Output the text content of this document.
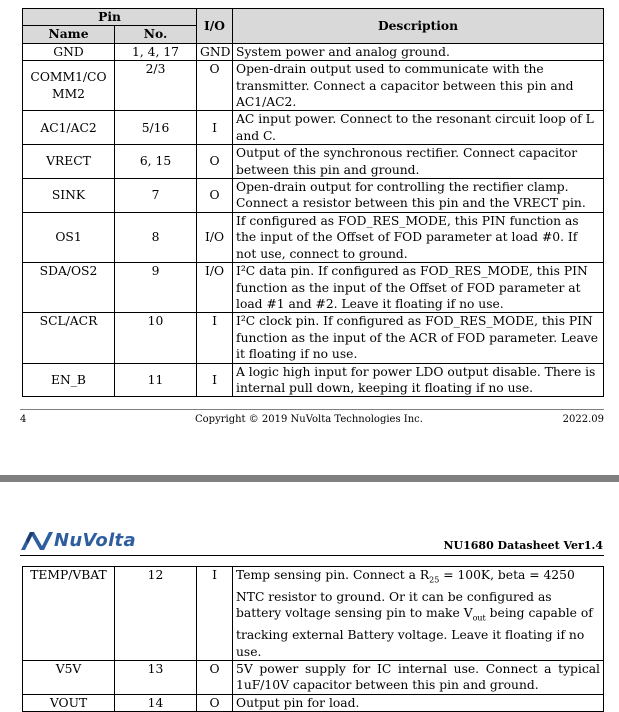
Pin		I/O	Description
Name	No.		
GND	1, 4, 17	GND	System power and analog ground.
COMM1/CO MM2	2/3	O	Open-drain output used to communicate with the transmitter. Connect a capacitor between this pin and AC1/AC2.
AC1/AC2	5/16	I	AC input power. Connect to the resonant circuit loop of L and C.
VRECT	6, 15	O	Output of the synchronous rectifier. Connect capacitor between this pin and ground.
SINK	7	O	Open-drain output for controlling the rectifier clamp. Connect a resistor between this pin and the VRECT pin.
OS1	8	I/O	If configured as FOD_RES_MODE, this PIN function as the input of the Offset of FOD parameter at load #0. If not use, connect to ground.
SDA/OS2	9	I/O	I²C data pin. If configured as FOD_RES_MODE, this PIN function as the input of the Offset of FOD parameter at load #1 and #2. Leave it floating if no use.
SCL/ACR	10	I	I²C clock pin. If configured as FOD_RES_MODE, this PIN function as the input of the ACR of FOD parameter. Leave it floating if no use.
EN_B	11	I	A logic high input for power LDO output disable. There is internal pull down, keeping it floating if no use.
4	Copyright © 2019 NuVolta Technologies Inc.	2022.09
NuVolta	NU1680 Datasheet Ver1.4
TEMP/VBAT	12	I	Temp sensing pin. Connect a $R_{25} = 100K$, beta = 4250 NTC resistor to ground. Or it can be configured as battery voltage sensing pin to make $V_{out}$ being capable of tracking external Battery voltage. Leave it floating if no use.
V5V	13	O	5V power supply for IC internal use. Connect a typical 1uF/10V capacitor between this pin and ground.
VOUT	14	O	Output pin for load.
